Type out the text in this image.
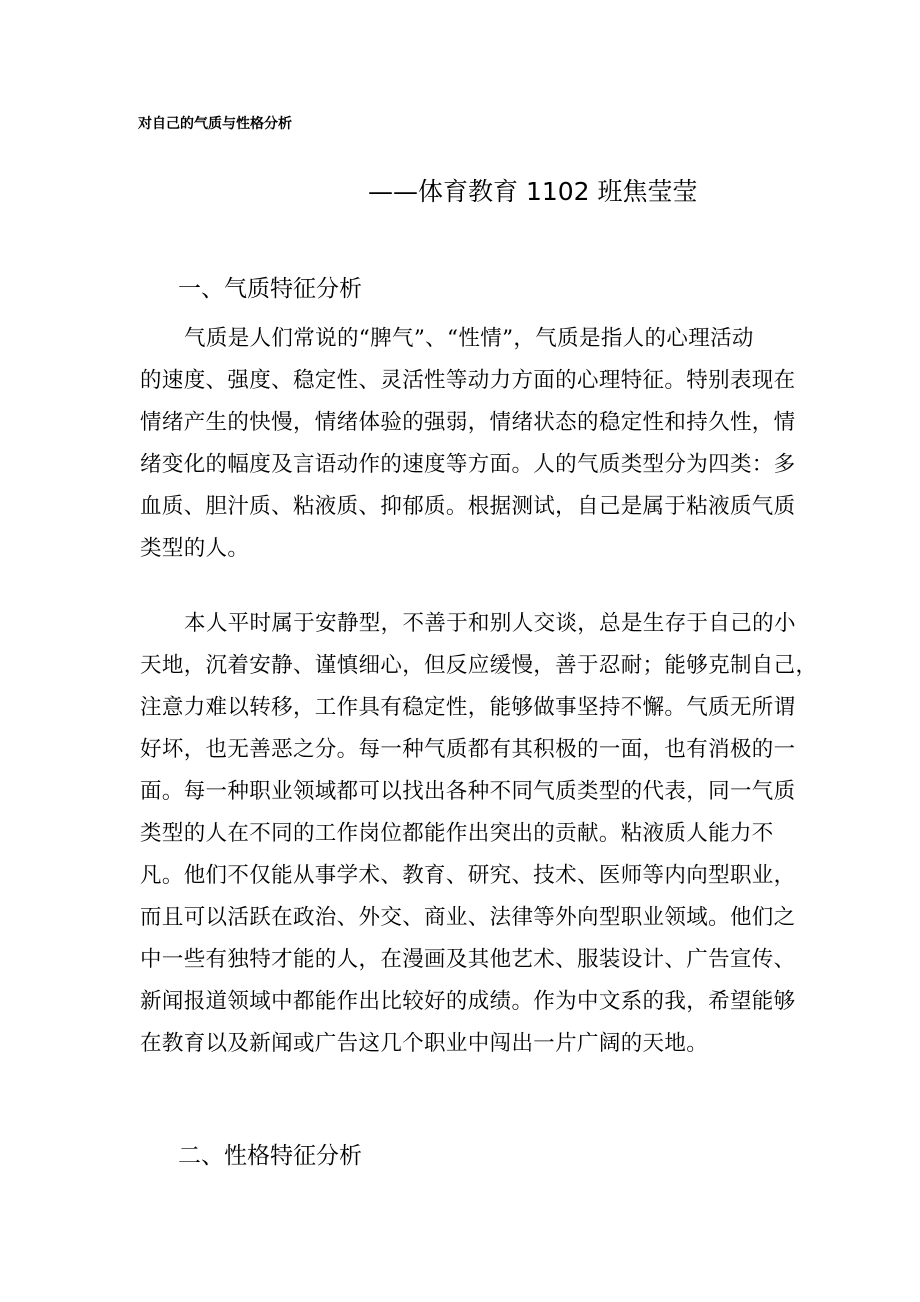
对自己的气质与性格分析
——体育教育 1102 班焦莹莹
一、气质特征分析

气质是人们常说的“脾气”、“性情”，气质是指人的心理活动
的速度、强度、稳定性、灵活性等动力方面的心理特征。特别表现在
情绪产生的快慢，情绪体验的强弱，情绪状态的稳定性和持久性，情
绪变化的幅度及言语动作的速度等方面。人的气质类型分为四类：多
血质、胆汁质、粘液质、抑郁质。根据测试，自己是属于粘液质气质
类型的人。

本人平时属于安静型，不善于和别人交谈，总是生存于自己的小
天地，沉着安静、谨慎细心，但反应缓慢，善于忍耐；能够克制自己，
注意力难以转移，工作具有稳定性，能够做事坚持不懈。气质无所谓
好坏，也无善恶之分。每一种气质都有其积极的一面，也有消极的一
面。每一种职业领域都可以找出各种不同气质类型的代表，同一气质
类型的人在不同的工作岗位都能作出突出的贡献。粘液质人能力不
凡。他们不仅能从事学术、教育、研究、技术、医师等内向型职业，
而且可以活跃在政治、外交、商业、法律等外向型职业领域。他们之
中一些有独特才能的人，在漫画及其他艺术、服装设计、广告宣传、
新闻报道领域中都能作出比较好的成绩。作为中文系的我，希望能够
在教育以及新闻或广告这几个职业中闯出一片广阔的天地。

二、性格特征分析
